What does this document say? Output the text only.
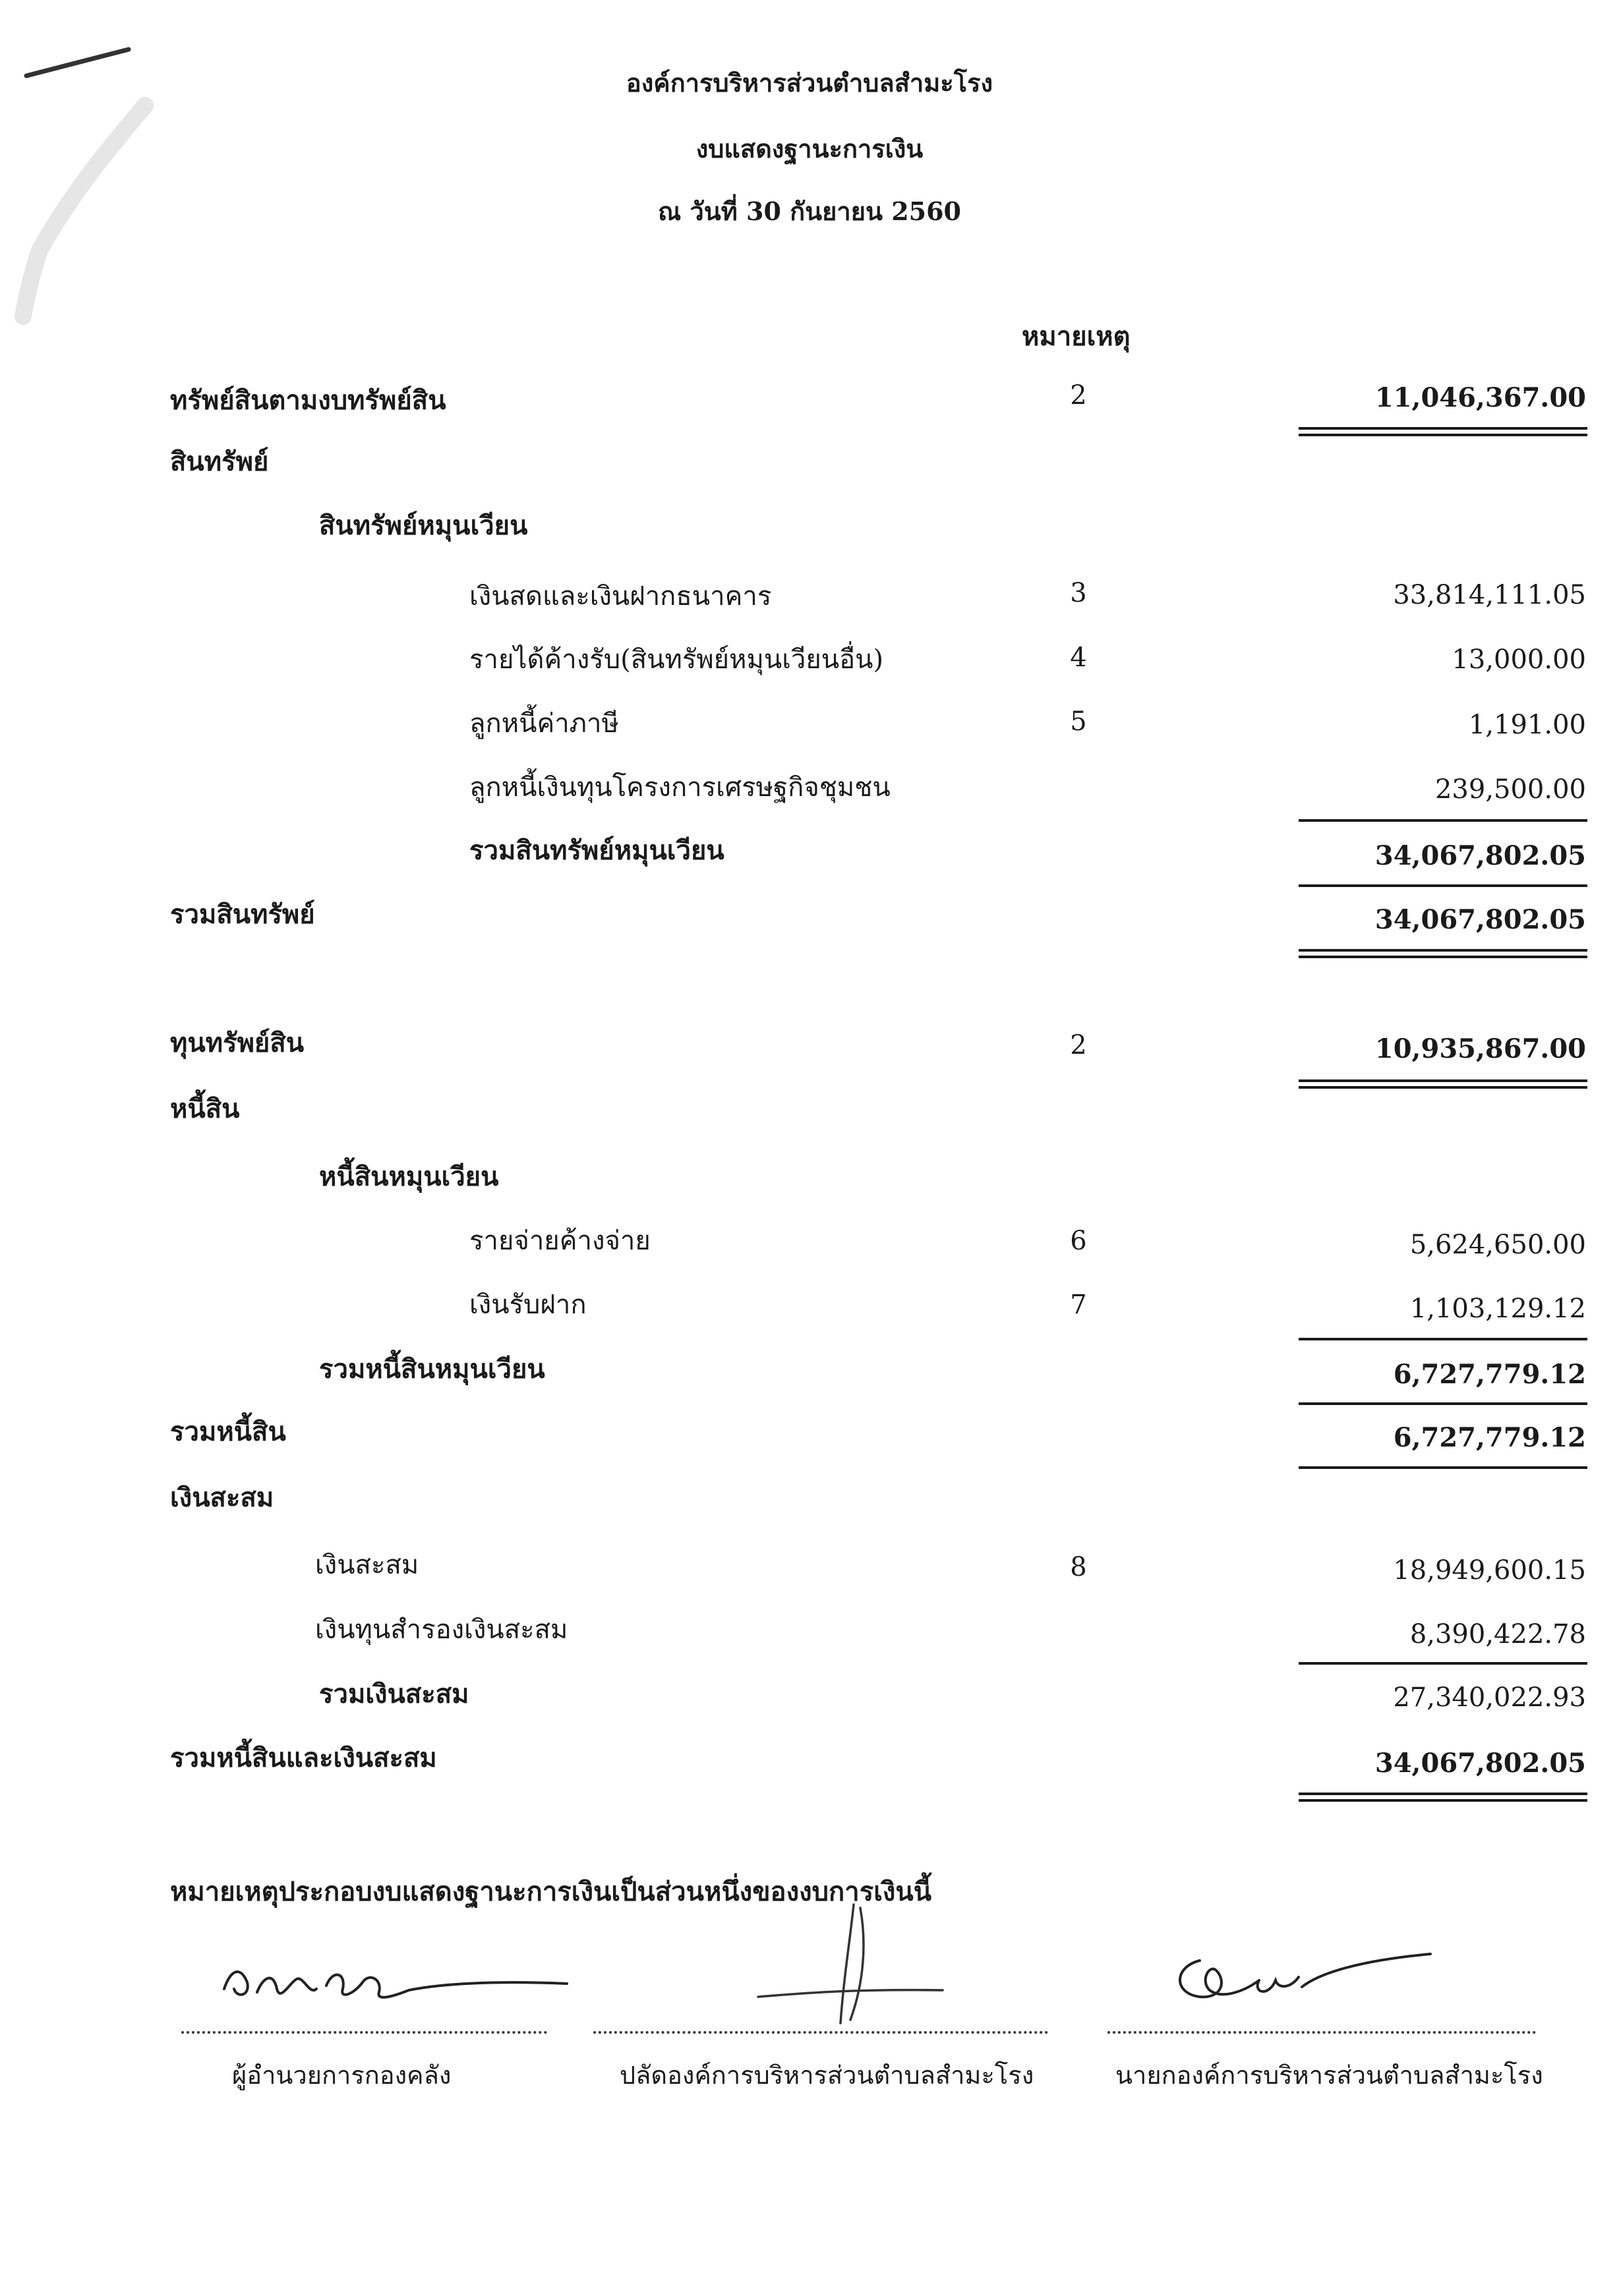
องค์การบริหารส่วนตำบลสำมะโรง
งบแสดงฐานะการเงิน
ณ วันที่ 30 กันยายน 2560
หมายเหตุ
ทรัพย์สินตามงบทรัพย์สิน	2	11,046,367.00
สินทรัพย์
สินทรัพย์หมุนเวียน
เงินสดและเงินฝากธนาคาร	3	33,814,111.05
รายได้ค้างรับ(สินทรัพย์หมุนเวียนอื่น)	4	13,000.00
ลูกหนี้ค่าภาษี	5	1,191.00
ลูกหนี้เงินทุนโครงการเศรษฐกิจชุมชน	239,500.00
รวมสินทรัพย์หมุนเวียน	34,067,802.05
รวมสินทรัพย์	34,067,802.05
ทุนทรัพย์สิน	2	10,935,867.00
หนี้สิน
หนี้สินหมุนเวียน
รายจ่ายค้างจ่าย	6	5,624,650.00
เงินรับฝาก	7	1,103,129.12
รวมหนี้สินหมุนเวียน	6,727,779.12
รวมหนี้สิน	6,727,779.12
เงินสะสม
เงินสะสม	8	18,949,600.15
เงินทุนสำรองเงินสะสม	8,390,422.78
รวมเงินสะสม	27,340,022.93
รวมหนี้สินและเงินสะสม	34,067,802.05
หมายเหตุประกอบงบแสดงฐานะการเงินเป็นส่วนหนึ่งของงบการเงินนี้
ผู้อำนวยการกองคลัง	ปลัดองค์การบริหารส่วนตำบลสำมะโรง	นายกองค์การบริหารส่วนตำบลสำมะโรง
